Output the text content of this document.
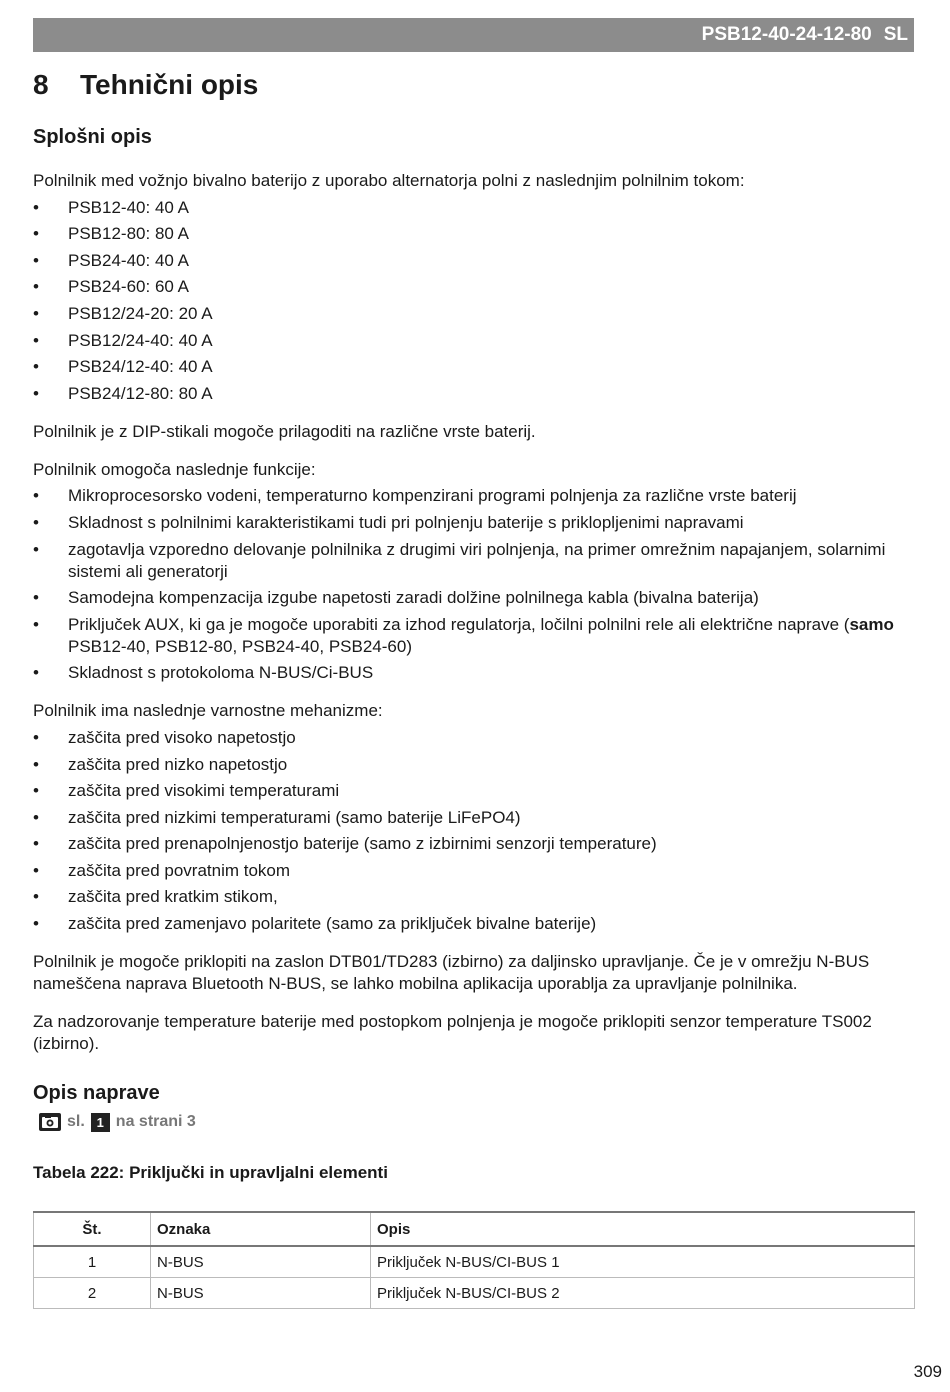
PSB12-40-24-12-80 SL
8 Tehnični opis
Splošni opis

Polnilnik med vožnjo bivalno baterijo z uporabo alternatorja polni z naslednjim polnilnim tokom:

• PSB12-40: 40 A
• PSB12-80: 80 A
• PSB24-40: 40 A
• PSB24-60: 60 A
• PSB12/24-20: 20 A
• PSB12/24-40: 40 A
• PSB24/12-40: 40 A
• PSB24/12-80: 80 A

Polnilnik je z DIP-stikali mogoče prilagoditi na različne vrste baterij.

Polnilnik omogoča naslednje funkcije:

• Mikroprocesorsko vodeni, temperaturno kompenzirani programi polnjenja za različne vrste baterij
• Skladnost s polnilnimi karakteristikami tudi pri polnjenju baterije s priklopljenimi napravami
• zagotavlja vzporedno delovanje polnilnika z drugimi viri polnjenja, na primer omrežnim napajanjem, solarnimi sistemi ali generatorji
• Samodejna kompenzacija izgube napetosti zaradi dolžine polnilnega kabla (bivalna baterija)
• Priključek AUX, ki ga je mogoče uporabiti za izhod regulatorja, ločilni polnilni rele ali električne naprave (samo PSB12-40, PSB12-80, PSB24-40, PSB24-60)
• Skladnost s protokoloma N-BUS/Ci-BUS

Polnilnik ima naslednje varnostne mehanizme:

• zaščita pred visoko napetostjo
• zaščita pred nizko napetostjo
• zaščita pred visokimi temperaturami
• zaščita pred nizkimi temperaturami (samo baterije LiFePO4)
• zaščita pred prenapolnjenostjo baterije (samo z izbirnimi senzorji temperature)
• zaščita pred povratnim tokom
• zaščita pred kratkim stikom,
• zaščita pred zamenjavo polaritete (samo za priključek bivalne baterije)

Polnilnik je mogoče priklopiti na zaslon DTB01/TD283 (izbirno) za daljinsko upravljanje. Če je v omrežju N-BUS nameščena naprava Bluetooth N-BUS, se lahko mobilna aplikacija uporablja za upravljanje polnilnika.

Za nadzorovanje temperature baterije med postopkom polnjenja je mogoče priklopiti senzor temperature TS002 (izbirno).

Opis naprave
sl. 1 na strani 3
Tabela 222: Priključki in upravljalni elementi
Št.	Oznaka	Opis
1	N-BUS	Priključek N-BUS/CI-BUS 1
2	N-BUS	Priključek N-BUS/CI-BUS 2
309
